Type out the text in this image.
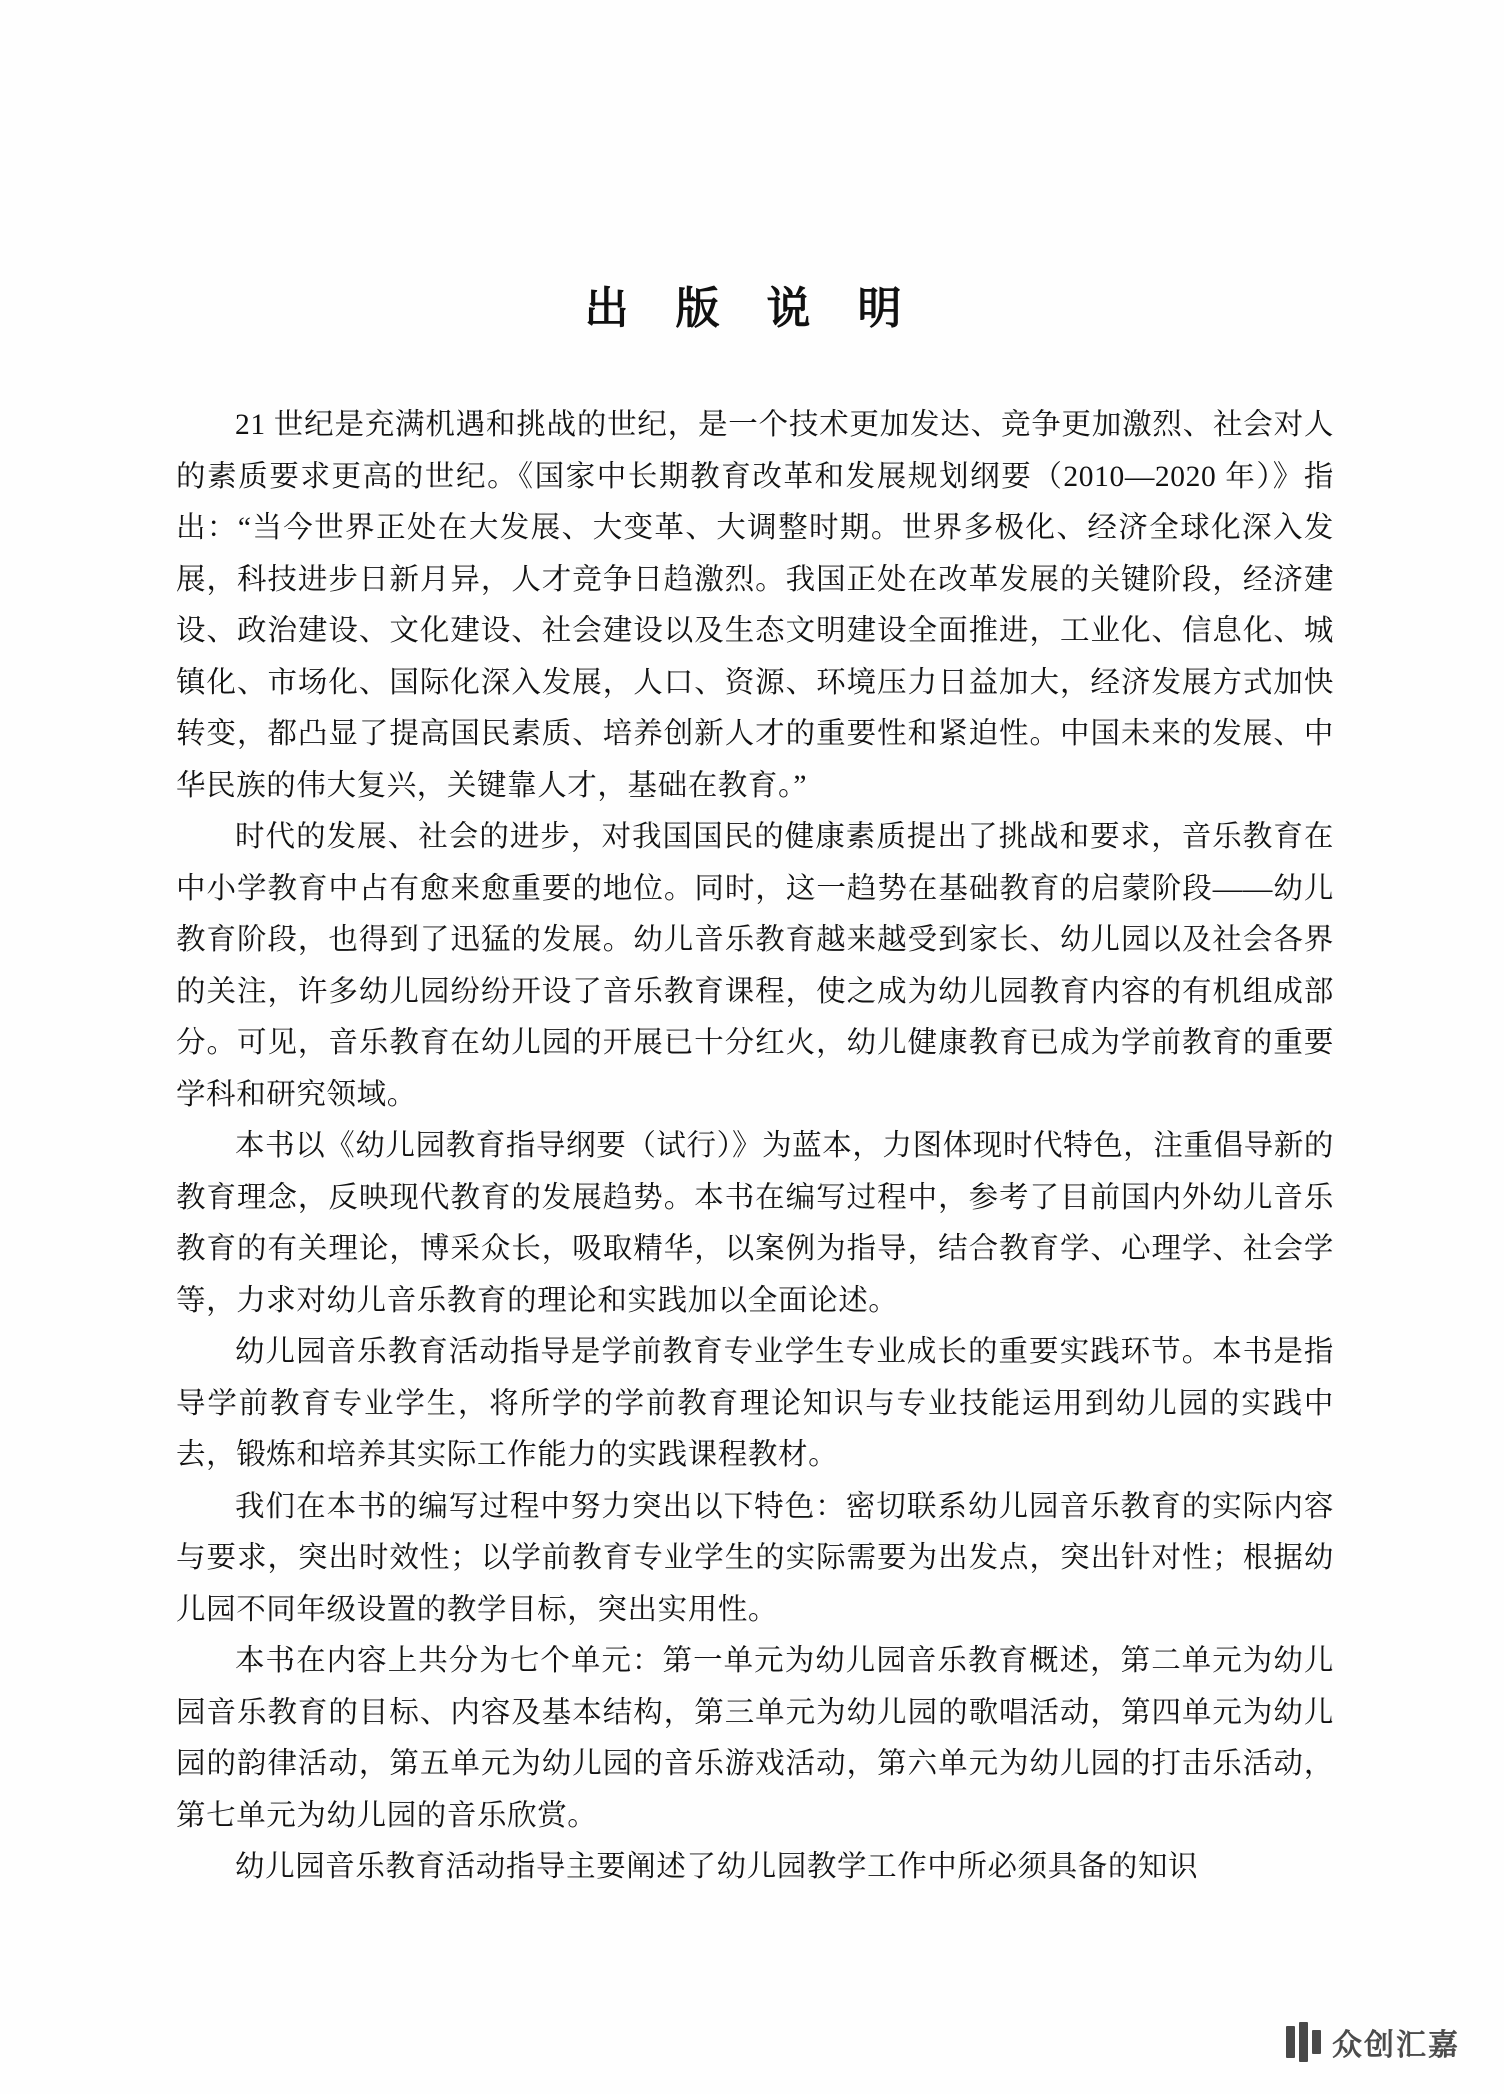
出 版 说 明

21 世纪是充满机遇和挑战的世纪，是一个技术更加发达、竞争更加激烈、社会对人的素质要求更高的世纪。《国家中长期教育改革和发展规划纲要（2010—2020 年）》指出：“当今世界正处在大发展、大变革、大调整时期。世界多极化、经济全球化深入发展，科技进步日新月异，人才竞争日趋激烈。我国正处在改革发展的关键阶段，经济建设、政治建设、文化建设、社会建设以及生态文明建设全面推进，工业化、信息化、城镇化、市场化、国际化深入发展，人口、资源、环境压力日益加大，经济发展方式加快转变，都凸显了提高国民素质、培养创新人才的重要性和紧迫性。中国未来的发展、中华民族的伟大复兴，关键靠人才，基础在教育。”

时代的发展、社会的进步，对我国国民的健康素质提出了挑战和要求，音乐教育在中小学教育中占有愈来愈重要的地位。同时，这一趋势在基础教育的启蒙阶段——幼儿教育阶段，也得到了迅猛的发展。幼儿音乐教育越来越受到家长、幼儿园以及社会各界的关注，许多幼儿园纷纷开设了音乐教育课程，使之成为幼儿园教育内容的有机组成部分。可见，音乐教育在幼儿园的开展已十分红火，幼儿健康教育已成为学前教育的重要学科和研究领域。

本书以《幼儿园教育指导纲要（试行）》为蓝本，力图体现时代特色，注重倡导新的教育理念，反映现代教育的发展趋势。本书在编写过程中，参考了目前国内外幼儿音乐教育的有关理论，博采众长，吸取精华，以案例为指导，结合教育学、心理学、社会学等，力求对幼儿音乐教育的理论和实践加以全面论述。

幼儿园音乐教育活动指导是学前教育专业学生专业成长的重要实践环节。本书是指导学前教育专业学生，将所学的学前教育理论知识与专业技能运用到幼儿园的实践中去，锻炼和培养其实际工作能力的实践课程教材。

我们在本书的编写过程中努力突出以下特色：密切联系幼儿园音乐教育的实际内容与要求，突出时效性；以学前教育专业学生的实际需要为出发点，突出针对性；根据幼儿园不同年级设置的教学目标，突出实用性。

本书在内容上共分为七个单元：第一单元为幼儿园音乐教育概述，第二单元为幼儿园音乐教育的目标、内容及基本结构，第三单元为幼儿园的歌唱活动，第四单元为幼儿园的韵律活动，第五单元为幼儿园的音乐游戏活动，第六单元为幼儿园的打击乐活动，第七单元为幼儿园的音乐欣赏。

幼儿园音乐教育活动指导主要阐述了幼儿园教学工作中所必须具备的知识

众创汇嘉
